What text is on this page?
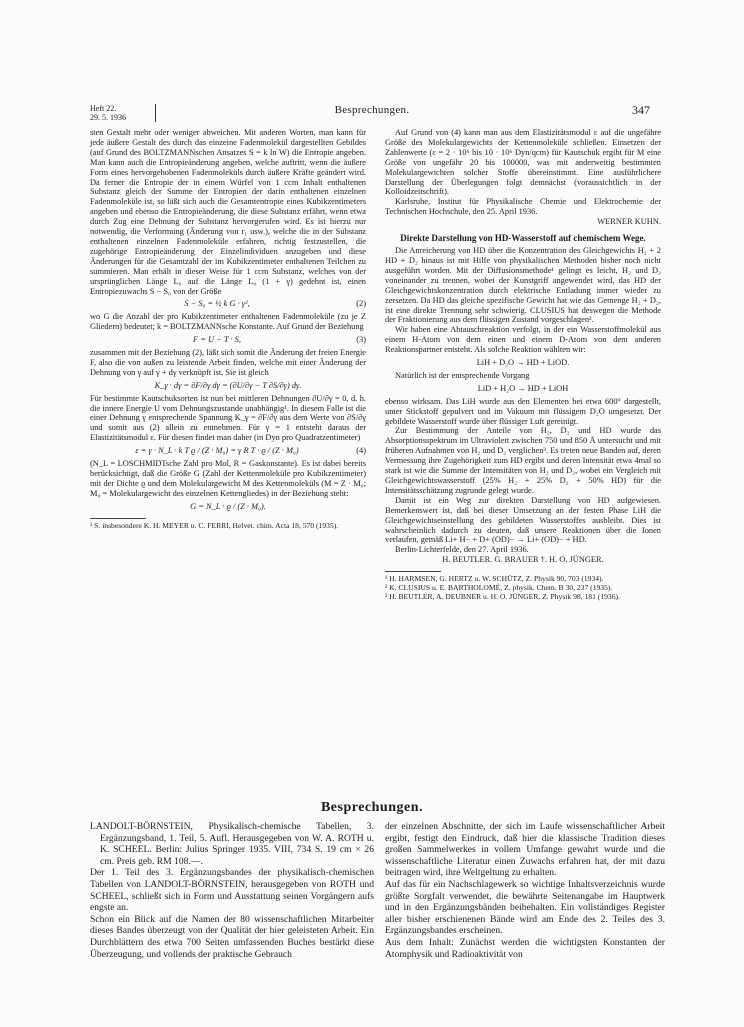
Heft 22.
29. 5. 1936
Besprechungen.	347

sten Gestalt mehr oder weniger abweichen. Mit anderen Worten, man kann für jede äußere Gestalt des durch das einzeine Fadenmolekül dargestellten Gebildes (auf Grund des BOLTZMANNschen Ansatzes S = k ln W) die Entropie angeben. Man kann auch die Entropieänderung angeben, welche auftritt, wenn die äußere Form eines hervorgehobenen Fadenmoleküls durch äußere Kräfte geändert wird. Da ferner die Entropie der in einem Würfel von 1 ccm Inhalt enthaltenen Substanz gleich der Summe der Entropien der darin enthaltenen einzelnen Fadenmoleküle ist, so läßt sich auch die Gesamtentropie eines Kubikzentimeters angeben und ebenso die Entropieänderung, die diese Substanz erfährt, wenn etwa durch Zug eine Dehnung der Substanz hervorgerufen wird. Es ist hierzu nur notwendig, die Verformung (Änderung von r₁ usw.), welche die in der Substanz enthaltenen einzelnen Fadenmoleküle erfahren, richtig festzustellen, die zugehörige Entropieänderung der Einzelindividuen anzugeben und diese Änderungen für die Gesamtzahl der im Kubikzentimeter enthaltenen Teilchen zu summieren. Man erhält in dieser Weise für 1 ccm Substanz, welches von der ursprünglichen Länge L₀ auf die Länge L₀ (1 + γ) gedehnt ist, einen Entropiezuwachs S − S₀ von der Größe

S − S₀ = ½ k G · γ²,	(2)

wo G die Anzahl der pro Kubikzentimeter enthaltenen Fadenmoleküle (zu je Z Gliedern) bedeutet; k = BOLTZMANNsche Konstante. Auf Grund der Beziehung

F = U − T · S,	(3)

zusammen mit der Beziehung (2), läßt sich somit die Änderung der freien Energie F, also die von außen zu leistende Arbeit finden, welche mit einer Änderung der Dehnung von γ auf γ + dγ verknüpft ist. Sie ist gleich

K_γ · dγ = ∂F/∂γ dγ = (∂U/∂γ − T ∂S/∂γ) dγ.

Für bestimmte Kautschuksorten ist nun bei mittleren Dehnungen ∂U/∂γ = 0, d. h. die innere Energie U vom Dehnungszustande unabhängig¹. In diesem Falle ist die einer Dehnung γ entsprechende Spannung K_γ = ∂F/∂γ aus dem Werte von ∂S/∂γ und somit aus (2) allein zu entnehmen. Für γ = 1 entsteht daraus der Elastizitätsmodul ε. Für diesen findet man daher (in Dyn pro Quadratzentimeter)

ε = γ · N_L · k T ϱ / (Z · M₀) = γ R T · ϱ / (Z · M₀)	(4)

(N_L = LOSCHMIDTsche Zahl pro Mol, R = Gaskonstante). Es ist dabei bereits berücksichtigt, daß die Größe G (Zahl der Kettenmoleküle pro Kubikzentimeter) mit der Dichte ϱ und dem Molekulargewicht M des Kettenmoleküls (M = Z · M₀; M₀ = Molekulargewicht des einzelnen Kettengliedes) in der Beziehung steht:

G = N_L · ϱ / (Z · M₀).

¹ S. insbesondere K. H. MEYER u. C. FERRI, Helvet. chim. Acta 18, 570 (1935).

Auf Grund von (4) kann man aus dem Elastizitätsmodul ε auf die ungefähre Größe des Molekulargewichts der Kettenmoleküle schließen. Einsetzen der Zahlenwerte (ε = 2 · 10⁶ bis 10 · 10⁶ Dyn/qcm) für Kautschuk ergibt für M eine Größe von ungefähr 20 bis 100000, was mit anderweitig bestimmten Molekulargewichten solcher Stoffe übereinstimmt. Eine ausführlichere Darstellung der Überlegungen folgt demnächst (voraussichtlich in der Kolloidzeitschrift).

Karlsruhe, Institut für Physikalische Chemie und Elektrochemie der Technischen Hochschule, den 25. April 1936.

WERNER KUHN.

Direkte Darstellung von HD-Wasserstoff auf chemischem Wege.

Die Anreicherung von HD über die Konzentration des Gleichgewichts H₂ + 2 HD + D₂ hinaus ist mit Hilfe von physikalischen Methoden bisher noch nicht ausgeführt worden. Mit der Diffusionsmethode¹ gelingt es leicht, H₂ und D₂ voneinander zu trennen, wobei der Kunstgriff angewendet wird, das HD der Gleichgewichtskonzentration durch elektrische Entladung immer wieder zu zersetzen. Da HD das gleiche spezifische Gewicht hat wie das Gemenge H₂ + D₂, ist eine direkte Trennung sehr schwierig. CLUSIUS hat deswegen die Methode der Fraktionierung aus dem flüssigen Zustand vorgeschlagen².

Wir haben eine Abtauschreaktion verfolgt, in der ein Wasserstoffmolekül aus einem H-Atom von dem einen und einem D-Atom von dem anderen Reaktionspartner entsteht. Als solche Reaktion wählten wir:

LiH + D₂O → HD + LiOD.

Natürlich ist der entsprechende Vorgang

LiD + H₂O → HD + LiOH

ebenso wirksam. Das LiH wurde aus den Elementen bei etwa 600° dargestellt, unter Stickstoff gepulvert und im Vakuum mit flüssigem D₂O umgesetzt. Der gebildete Wasserstoff wurde über flüssiger Luft gereinigt.

Zur Bestimmung der Anteile von H₂, D₂ und HD wurde das Absorptionsspektrum im Ultraviolett zwischen 750 und 850 Å untersucht und mit früheren Aufnahmen von H₂ und D₂ verglichen³. Es treten neue Banden auf, deren Vermessung ihre Zugehörigkeit zum HD ergibt und deren Intensität etwa 4mal so stark ist wie die Summe der Intensitäten von H₂ und D₂, wobei ein Vergleich mit Gleichgewichtswasserstoff (25% H₂ + 25% D₂ + 50% HD) für die Intensitätsschätzung zugrunde gelegt wurde.

Damit ist ein Weg zur direkten Darstellung von HD aufgewiesen. Bemerkenswert ist, daß bei dieser Umsetzung an der festen Phase LiH die Gleichgewichtseinstellung des gebildeten Wasserstoffes ausbleibt. Dies ist wahrscheinlich dadurch zu deuten, daß unsere Reaktionen über die Ionen verlaufen, gemäß Li+ H− + D+ (OD)− → Li+ (OD)− + HD.

Berlin-Lichterfelde, den 27. April 1936.

H. BEUTLER. G. BRAUER †. H. O. JÜNGER.

¹ H. HARMSEN, G. HERTZ u. W. SCHÜTZ, Z. Physik 90, 703 (1934).

² K. CLUSIUS u. E. BARTHOLOMÉ, Z. physik. Chem. B 30, 237 (1935).

³ H. BEUTLER, A. DEUBNER u. H. O. JÜNGER, Z. Physik 98, 181 (1936).

Besprechungen.

LANDOLT-BÖRNSTEIN, Physikalisch-chemische Tabellen, 3. Ergänzungsband, 1. Teil, 5. Aufl. Herausgegeben von W. A. ROTH u. K. SCHEEL. Berlin: Julius Springer 1935. VIII, 734 S. 19 cm × 26 cm. Preis geb. RM 108.—.

Der 1. Teil des 3. Ergänzungsbandes der physikalisch-chemischen Tabellen von LANDOLT-BÖRNSTEIN, herausgegeben von ROTH und SCHEEL, schließt sich in Form und Ausstattung seinen Vorgängern aufs engste an.

Schon ein Blick auf die Namen der 80 wissenschaftlichen Mitarbeiter dieses Bandes überzeugt von der Qualität der hier geleisteten Arbeit. Ein Durchblättern des etwa 700 Seiten umfassenden Buches bestärkt diese Überzeugung, und vollends der praktische Gebrauch

der einzelnen Abschnitte, der sich im Laufe wissenschaftlicher Arbeit ergibt, festigt den Eindruck, daß hier die klassische Tradition dieses großen Sammelwerkes in vollem Umfange gewahrt wurde und die wissenschaftliche Literatur einen Zuwachs erfahren hat, der mit dazu beitragen wird, ihre Weltgeltung zu erhalten.

Auf das für ein Nachschlagewerk so wichtige Inhaltsverzeichnis wurde größte Sorgfalt verwendet, die bewährte Seitenangabe im Hauptwerk und in den Ergänzungsbänden beibehalten. Ein vollständiges Register aller bisher erschienenen Bände wird am Ende des 2. Teiles des 3. Ergänzungsbandes erscheinen.

Aus dem Inhalt: Zunächst werden die wichtigsten Konstanten der Atomphysik und Radioaktivität von
